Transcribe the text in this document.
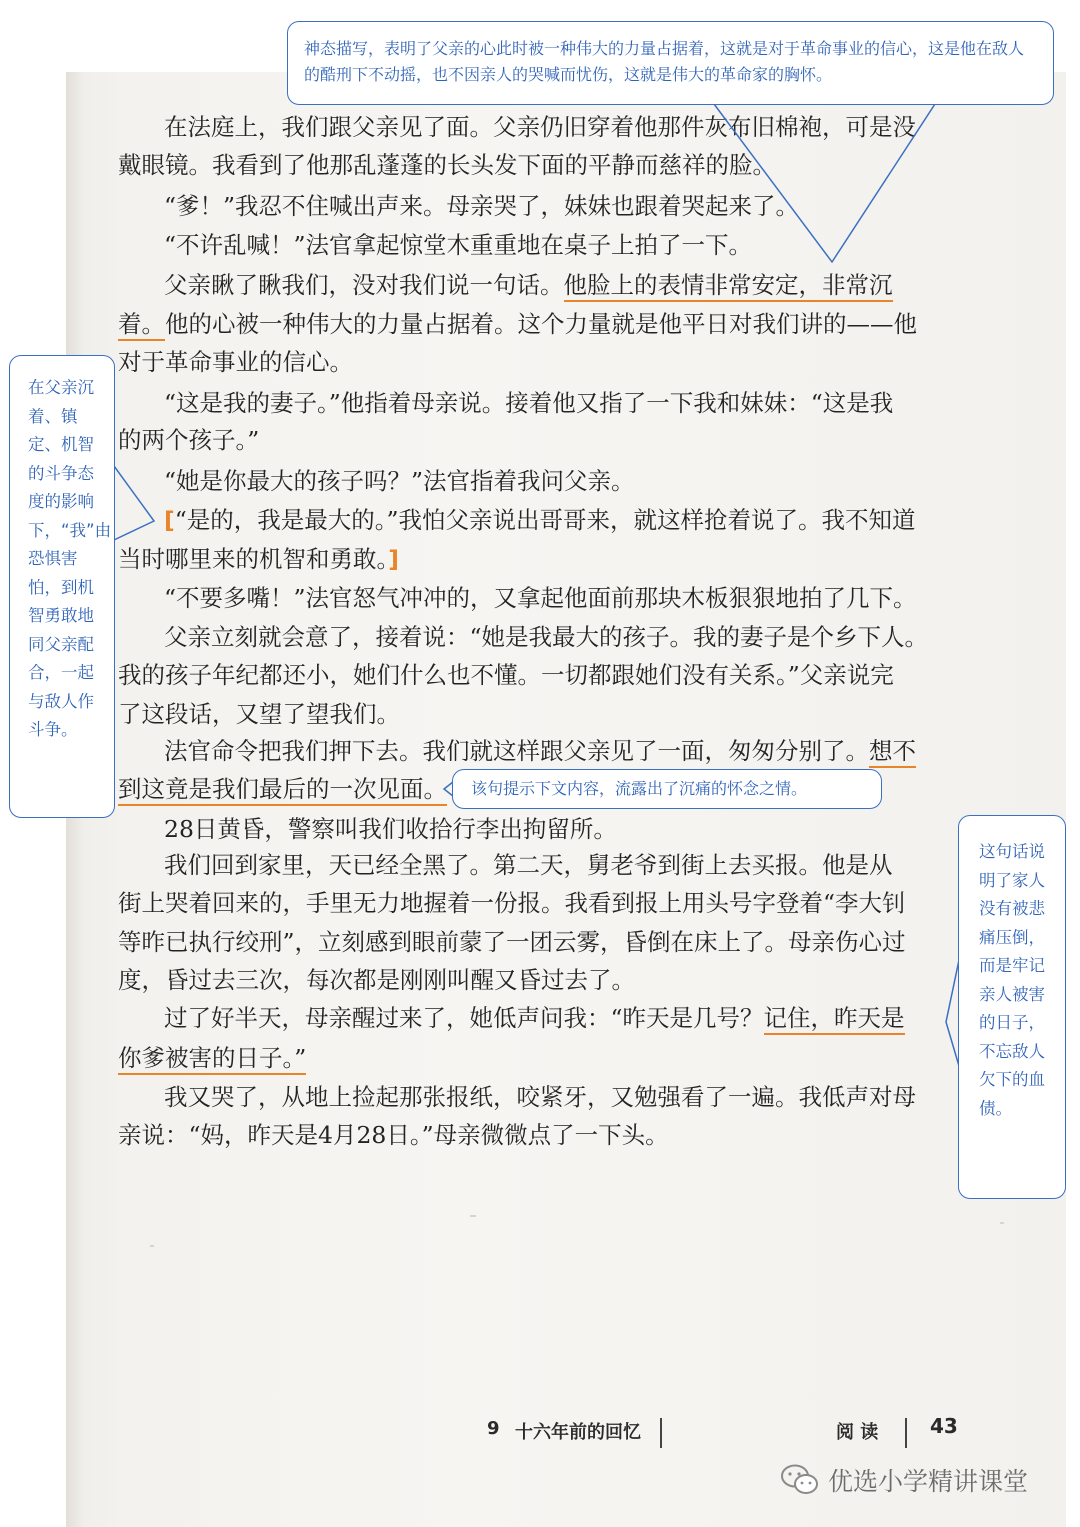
在法庭上，我们跟父亲见了面。父亲仍旧穿着他那件灰布旧棉袍，可是没
戴眼镜。我看到了他那乱蓬蓬的长头发下面的平静而慈祥的脸。
“爹！”我忍不住喊出声来。母亲哭了，妹妹也跟着哭起来了。
“不许乱喊！”法官拿起惊堂木重重地在桌子上拍了一下。
父亲瞅了瞅我们，没对我们说一句话。他脸上的表情非常安定，非常沉
着。他的心被一种伟大的力量占据着。这个力量就是他平日对我们讲的——他
对于革命事业的信心。
“这是我的妻子。”他指着母亲说。接着他又指了一下我和妹妹：“这是我
的两个孩子。”
“她是你最大的孩子吗？”法官指着我问父亲。
[“是的，我是最大的。”我怕父亲说出哥哥来，就这样抢着说了。我不知道
当时哪里来的机智和勇敢。]
“不要多嘴！”法官怒气冲冲的，又拿起他面前那块木板狠狠地拍了几下。
父亲立刻就会意了，接着说：“她是我最大的孩子。我的妻子是个乡下人。
我的孩子年纪都还小，她们什么也不懂。一切都跟她们没有关系。”父亲说完
了这段话，又望了望我们。
法官命令把我们押下去。我们就这样跟父亲见了一面，匆匆分别了。想不
到这竟是我们最后的一次见面。
28日黄昏，警察叫我们收拾行李出拘留所。
我们回到家里，天已经全黑了。第二天，舅老爷到街上去买报。他是从
街上哭着回来的，手里无力地握着一份报。我看到报上用头号字登着“李大钊
等昨已执行绞刑”，立刻感到眼前蒙了一团云雾，昏倒在床上了。母亲伤心过
度，昏过去三次，每次都是刚刚叫醒又昏过去了。
过了好半天，母亲醒过来了，她低声问我：“昨天是几号？记住，昨天是
你爹被害的日子。”
我又哭了，从地上捡起那张报纸，咬紧牙，又勉强看了一遍。我低声对母
亲说：“妈，昨天是4月28日。”母亲微微点了一下头。
神态描写，表明了父亲的心此时被一种伟大的力量占据着，这就是对于革命事业的信心，这是他在敌人的酷刑下不动摇，也不因亲人的哭喊而忧伤，这就是伟大的革命家的胸怀。
在父亲沉着、镇定、机智的斗争态度的影响下，“我”由恐惧害怕，到机智勇敢地同父亲配合，一起与敌人作斗争。
该句提示下文内容，流露出了沉痛的怀念之情。
这句话说明了家人没有被悲痛压倒，而是牢记亲人被害的日子，不忘敌人欠下的血债。
9 十六年前的回忆	阅 读	43
优选小学精讲课堂
